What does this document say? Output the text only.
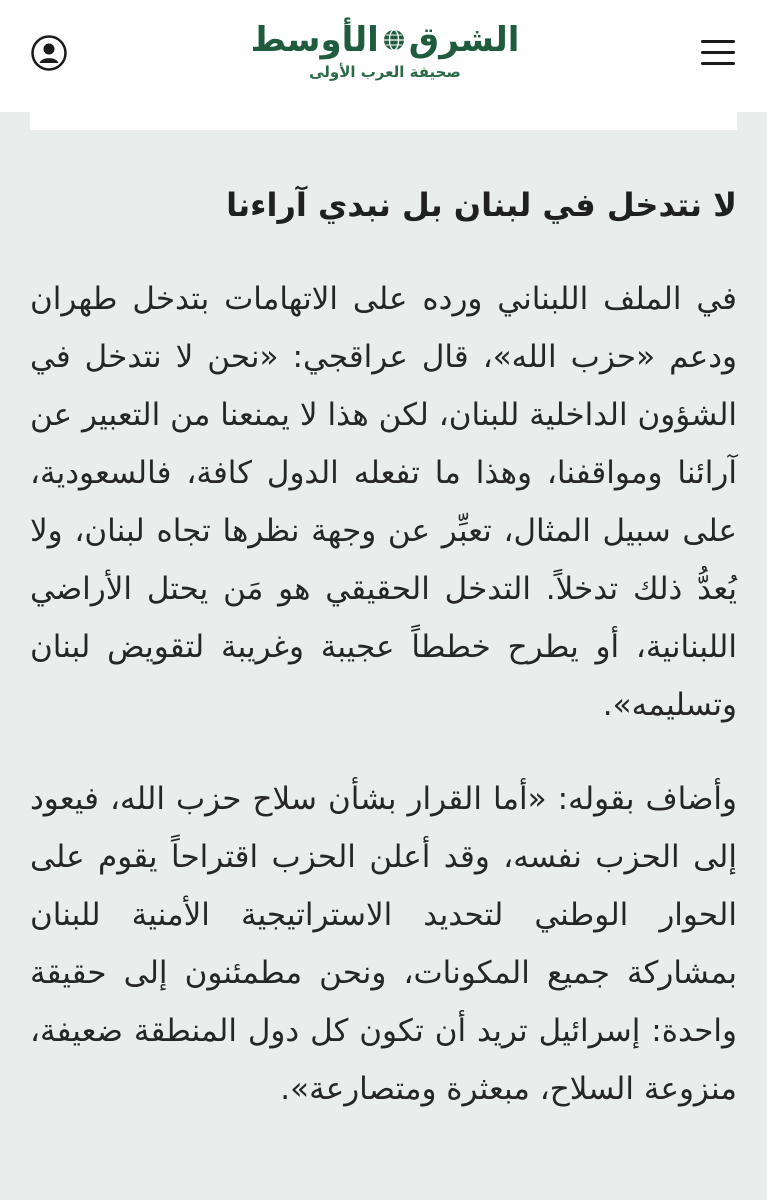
الشرق
الأوسط
صحيفة العرب الأولى
لا نتدخل في لبنان بل نبدي آراءنا

في الملف اللبناني ورده على الاتهامات بتدخل طهران ودعم «حزب الله»، قال عراقجي: «نحن لا نتدخل في الشؤون الداخلية للبنان، لكن هذا لا يمنعنا من التعبير عن آرائنا ومواقفنا، وهذا ما تفعله الدول كافة، فالسعودية، على سبيل المثال، تعبِّر عن وجهة نظرها تجاه لبنان، ولا يُعدُّ ذلك تدخلاً. التدخل الحقيقي هو مَن يحتل الأراضي اللبنانية، أو يطرح خططاً عجيبة وغريبة لتقويض لبنان وتسليمه».

وأضاف بقوله: «أما القرار بشأن سلاح حزب الله، فيعود إلى الحزب نفسه، وقد أعلن الحزب اقتراحاً يقوم على الحوار الوطني لتحديد الاستراتيجية الأمنية للبنان بمشاركة جميع المكونات، ونحن مطمئنون إلى حقيقة واحدة: إسرائيل تريد أن تكون كل دول المنطقة ضعيفة، منزوعة السلاح، مبعثرة ومتصارعة».
